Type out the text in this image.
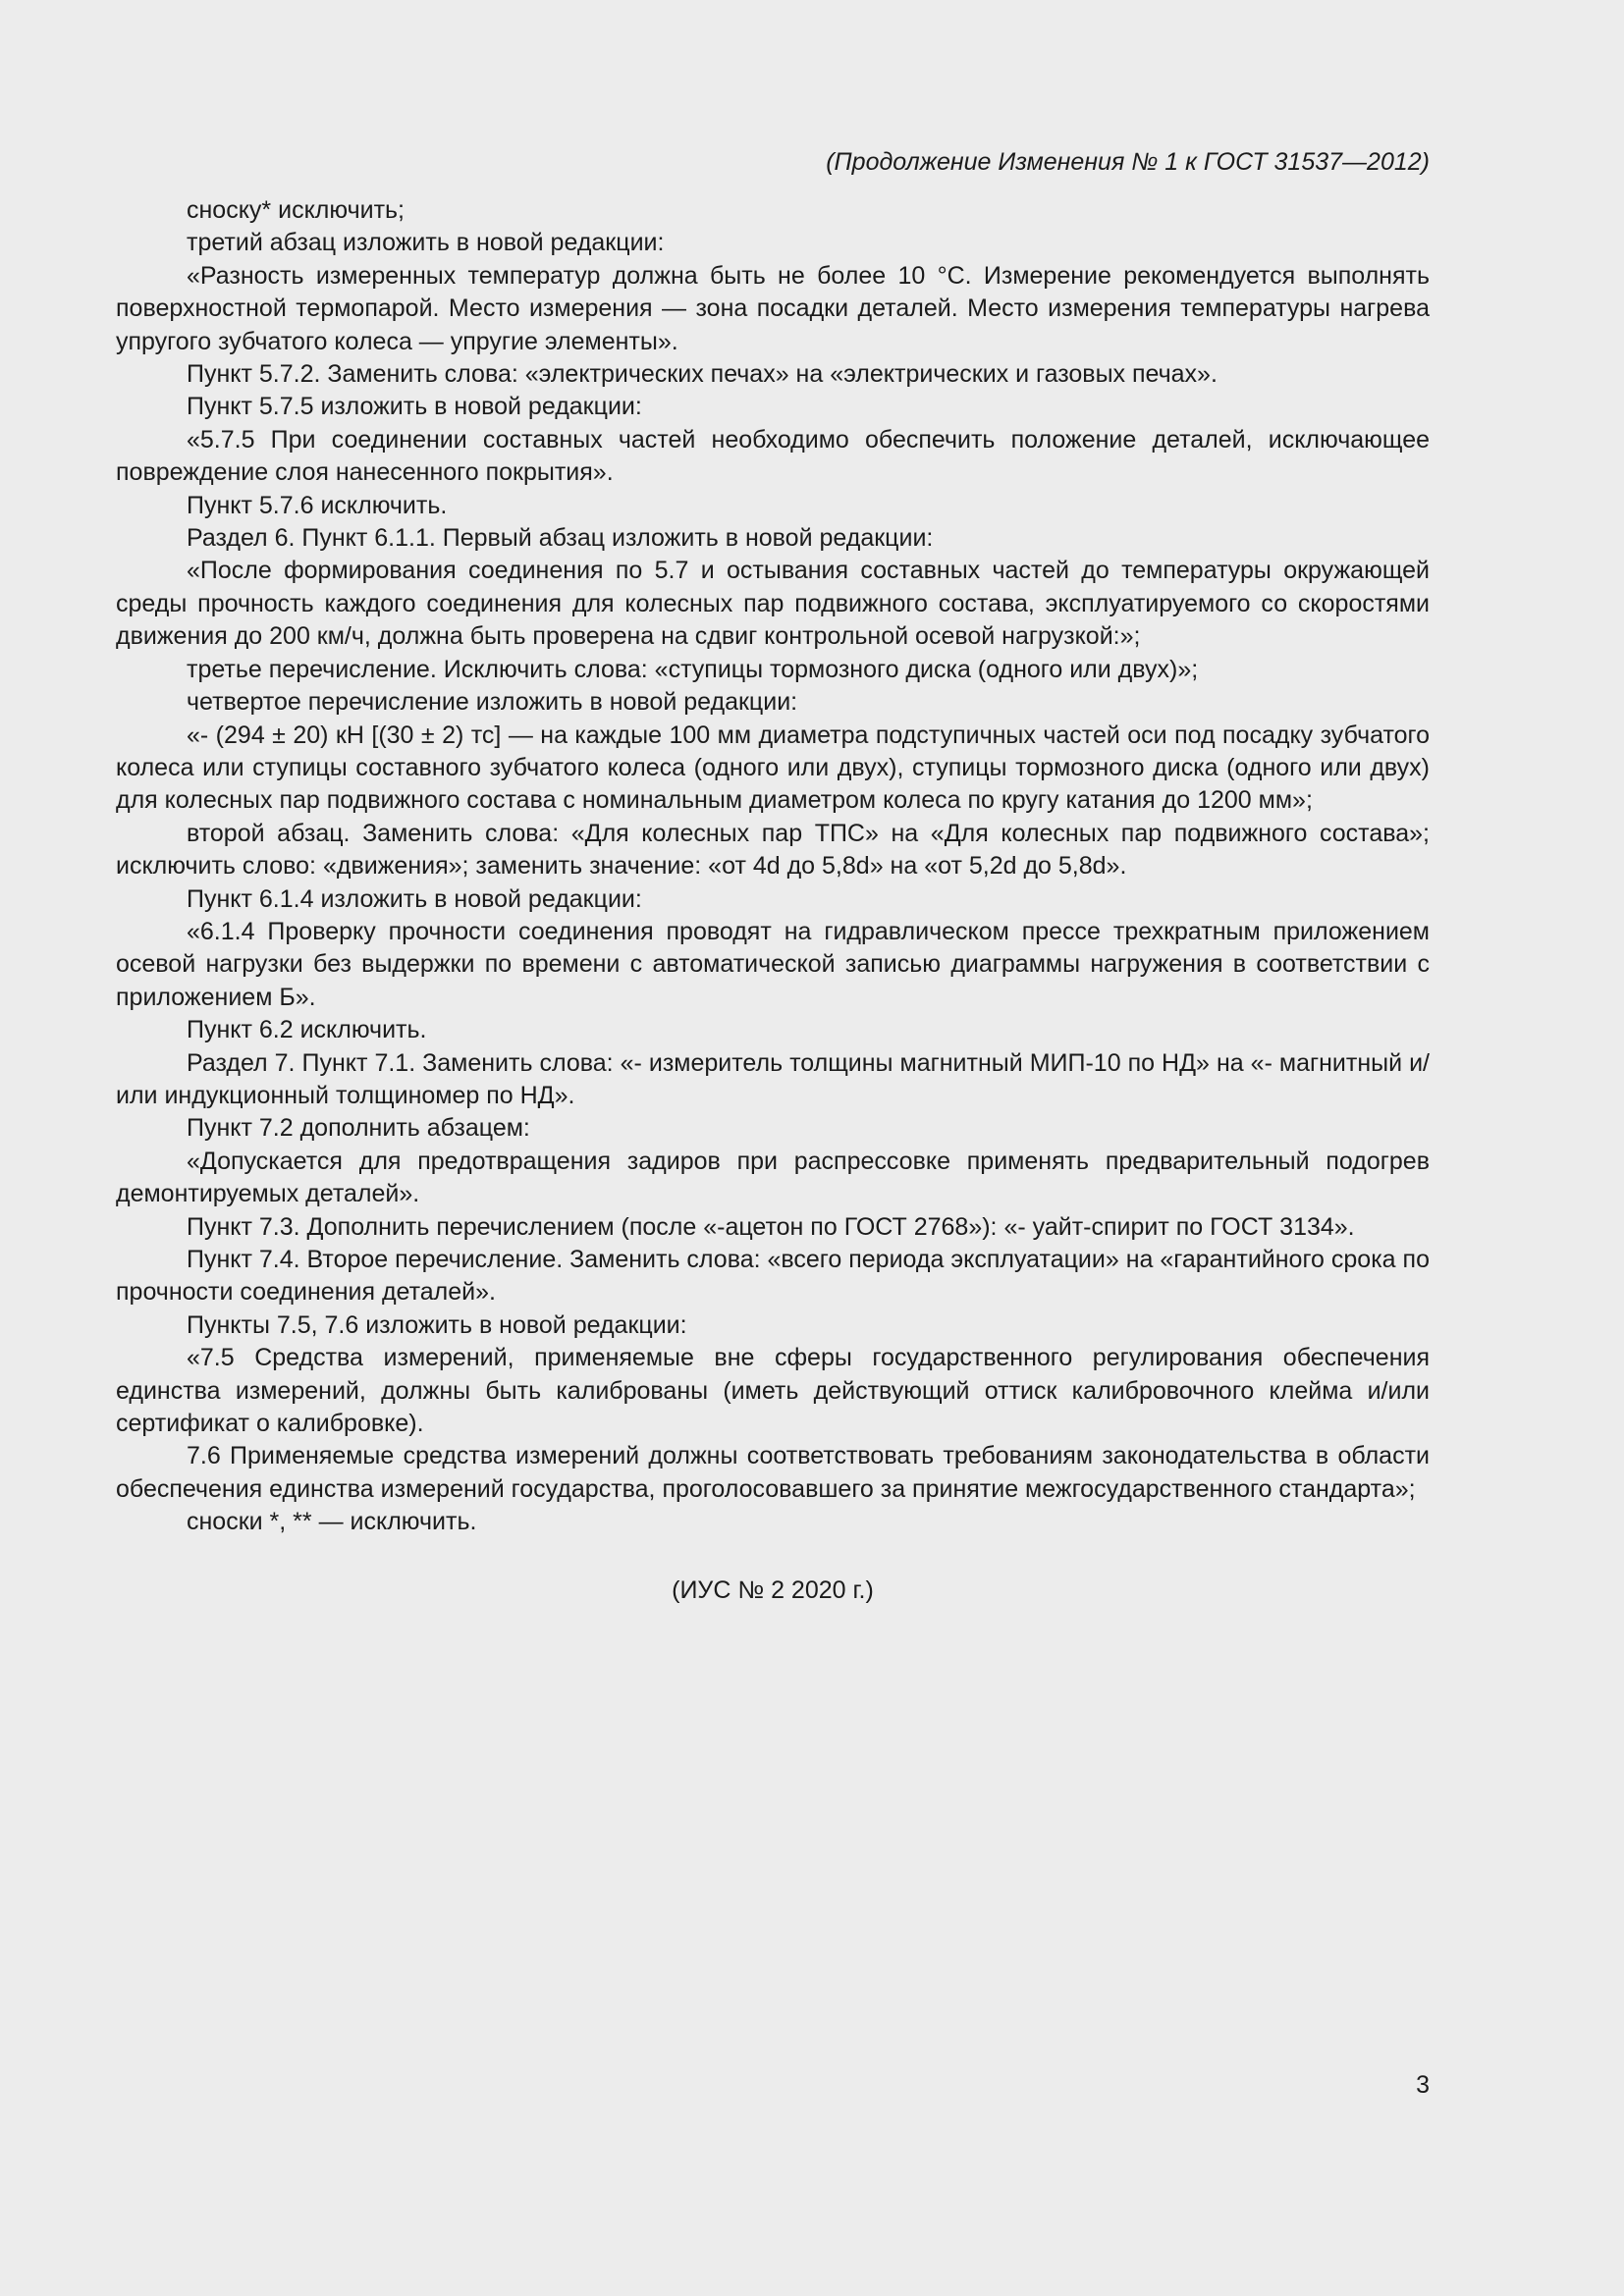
(Продолжение Изменения № 1 к ГОСТ 31537—2012)

сноску* исключить;

третий абзац изложить в новой редакции:

«Разность измеренных температур должна быть не более 10 °С. Измерение рекомендуется выполнять поверхностной термопарой. Место измерения — зона посадки деталей. Место измерения температуры нагрева упругого зубчатого колеса — упругие элементы».

Пункт 5.7.2. Заменить слова: «электрических печах» на «электрических и газовых печах».

Пункт 5.7.5 изложить в новой редакции:

«5.7.5 При соединении составных частей необходимо обеспечить положение деталей, исключающее повреждение слоя нанесенного покрытия».

Пункт 5.7.6 исключить.

Раздел 6. Пункт 6.1.1. Первый абзац изложить в новой редакции:

«После формирования соединения по 5.7 и остывания составных частей до температуры окружающей среды прочность каждого соединения для колесных пар подвижного состава, эксплуатируемого со скоростями движения до 200 км/ч, должна быть проверена на сдвиг контрольной осевой нагрузкой:»;

третье перечисление. Исключить слова: «ступицы тормозного диска (одного или двух)»;

четвертое перечисление изложить в новой редакции:

«- (294 ± 20) кН [(30 ± 2) тс] — на каждые 100 мм диаметра подступичных частей оси под посадку зубчатого колеса или ступицы составного зубчатого колеса (одного или двух), ступицы тормозного диска (одного или двух) для колесных пар подвижного состава с номинальным диаметром колеса по кругу катания до 1200 мм»;

второй абзац. Заменить слова: «Для колесных пар ТПС» на «Для колесных пар подвижного состава»; исключить слово: «движения»; заменить значение: «от 4d до 5,8d» на «от 5,2d до 5,8d».

Пункт 6.1.4 изложить в новой редакции:

«6.1.4 Проверку прочности соединения проводят на гидравлическом прессе трехкратным приложением осевой нагрузки без выдержки по времени с автоматической записью диаграммы нагружения в соответствии с приложением Б».

Пункт 6.2 исключить.

Раздел 7. Пункт 7.1. Заменить слова: «- измеритель толщины магнитный МИП-10 по НД» на «- магнитный и/или индукционный толщиномер по НД».

Пункт 7.2 дополнить абзацем:

«Допускается для предотвращения задиров при распрессовке применять предварительный подогрев демонтируемых деталей».

Пункт 7.3. Дополнить перечислением (после «-ацетон по ГОСТ 2768»): «- уайт-спирит по ГОСТ 3134».

Пункт 7.4. Второе перечисление. Заменить слова: «всего периода эксплуатации» на «гарантийного срока по прочности соединения деталей».

Пункты 7.5, 7.6 изложить в новой редакции:

«7.5 Средства измерений, применяемые вне сферы государственного регулирования обеспечения единства измерений, должны быть калиброваны (иметь действующий оттиск калибровочного клейма и/или сертификат о калибровке).

7.6 Применяемые средства измерений должны соответствовать требованиям законодательства в области обеспечения единства измерений государства, проголосовавшего за принятие межгосударственного стандарта»;

сноски *, ** — исключить.

(ИУС № 2 2020 г.)
3
